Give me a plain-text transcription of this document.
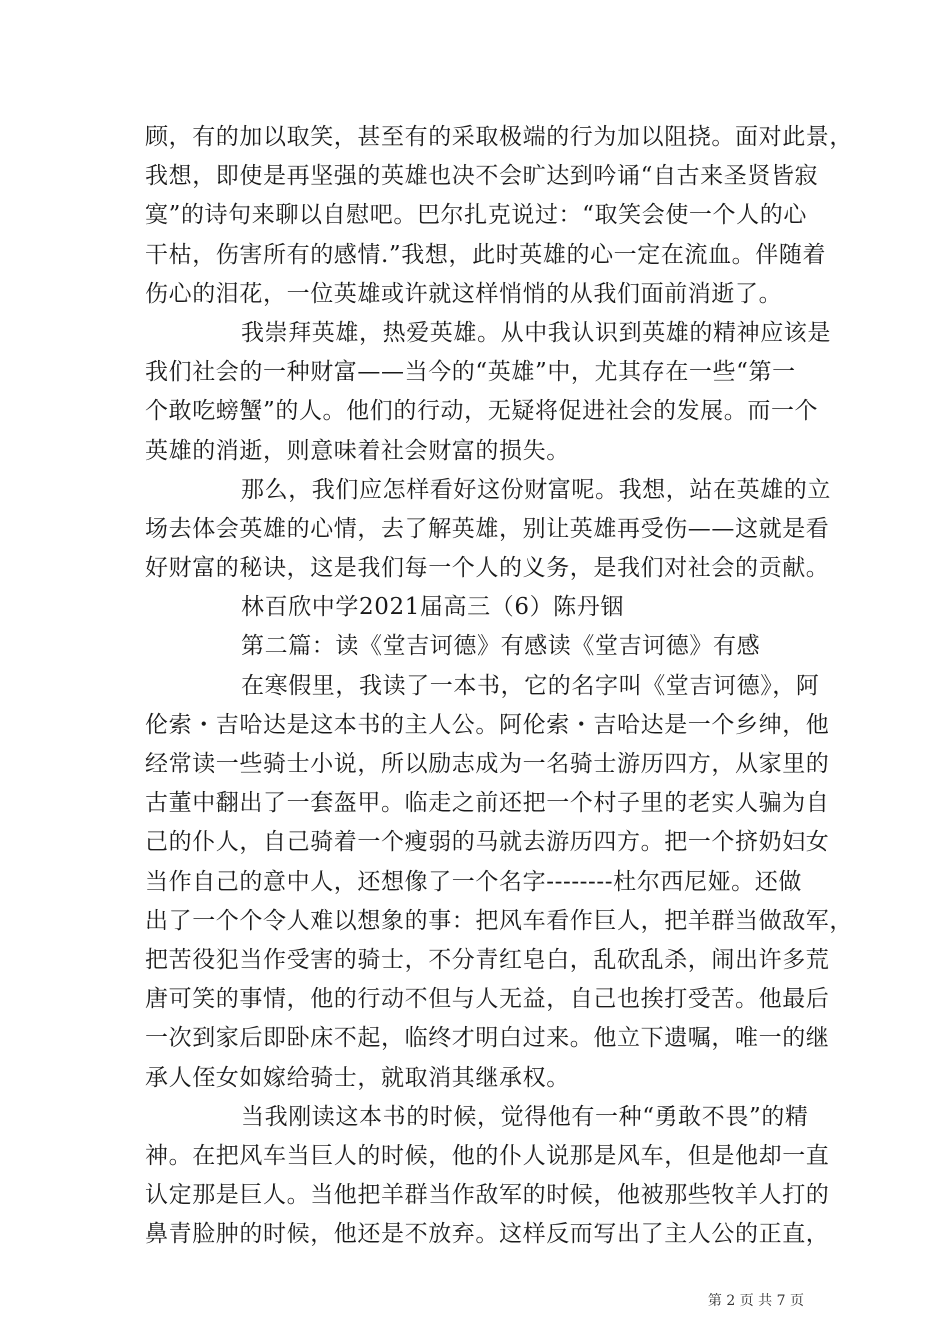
顾，有的加以取笑，甚至有的采取极端的行为加以阻挠。面对此景，
我想，即使是再坚强的英雄也决不会旷达到吟诵“自古来圣贤皆寂
寞”的诗句来聊以自慰吧。巴尔扎克说过：“取笑会使一个人的心
干枯，伤害所有的感情.”我想，此时英雄的心一定在流血。伴随着
伤心的泪花，一位英雄或许就这样悄悄的从我们面前消逝了。
我崇拜英雄，热爱英雄。从中我认识到英雄的精神应该是
我们社会的一种财富——当今的“英雄”中，尤其存在一些“第一
个敢吃螃蟹”的人。他们的行动，无疑将促进社会的发展。而一个
英雄的消逝，则意味着社会财富的损失。
那么，我们应怎样看好这份财富呢。我想，站在英雄的立
场去体会英雄的心情，去了解英雄，别让英雄再受伤——这就是看
好财富的秘诀，这是我们每一个人的义务，是我们对社会的贡献。
林百欣中学2021届高三（6）陈丹铟
第二篇：读《堂吉诃德》有感读《堂吉诃德》有感
在寒假里，我读了一本书，它的名字叫《堂吉诃德》，阿
伦索・吉哈达是这本书的主人公。阿伦索・吉哈达是一个乡绅，他
经常读一些骑士小说，所以励志成为一名骑士游历四方，从家里的
古董中翻出了一套盔甲。临走之前还把一个村子里的老实人骗为自
己的仆人，自己骑着一个瘦弱的马就去游历四方。把一个挤奶妇女
当作自己的意中人，还想像了一个名字--------杜尔西尼娅。还做
出了一个个令人难以想象的事：把风车看作巨人，把羊群当做敌军，
把苦役犯当作受害的骑士，不分青红皂白，乱砍乱杀，闹出许多荒
唐可笑的事情，他的行动不但与人无益，自己也挨打受苦。他最后
一次到家后即卧床不起，临终才明白过来。他立下遗嘱，唯一的继
承人侄女如嫁给骑士，就取消其继承权。
当我刚读这本书的时候，觉得他有一种“勇敢不畏”的精
神。在把风车当巨人的时候，他的仆人说那是风车，但是他却一直
认定那是巨人。当他把羊群当作敌军的时候，他被那些牧羊人打的
鼻青脸肿的时候，他还是不放弃。这样反而写出了主人公的正直，
第 2 页 共 7 页
